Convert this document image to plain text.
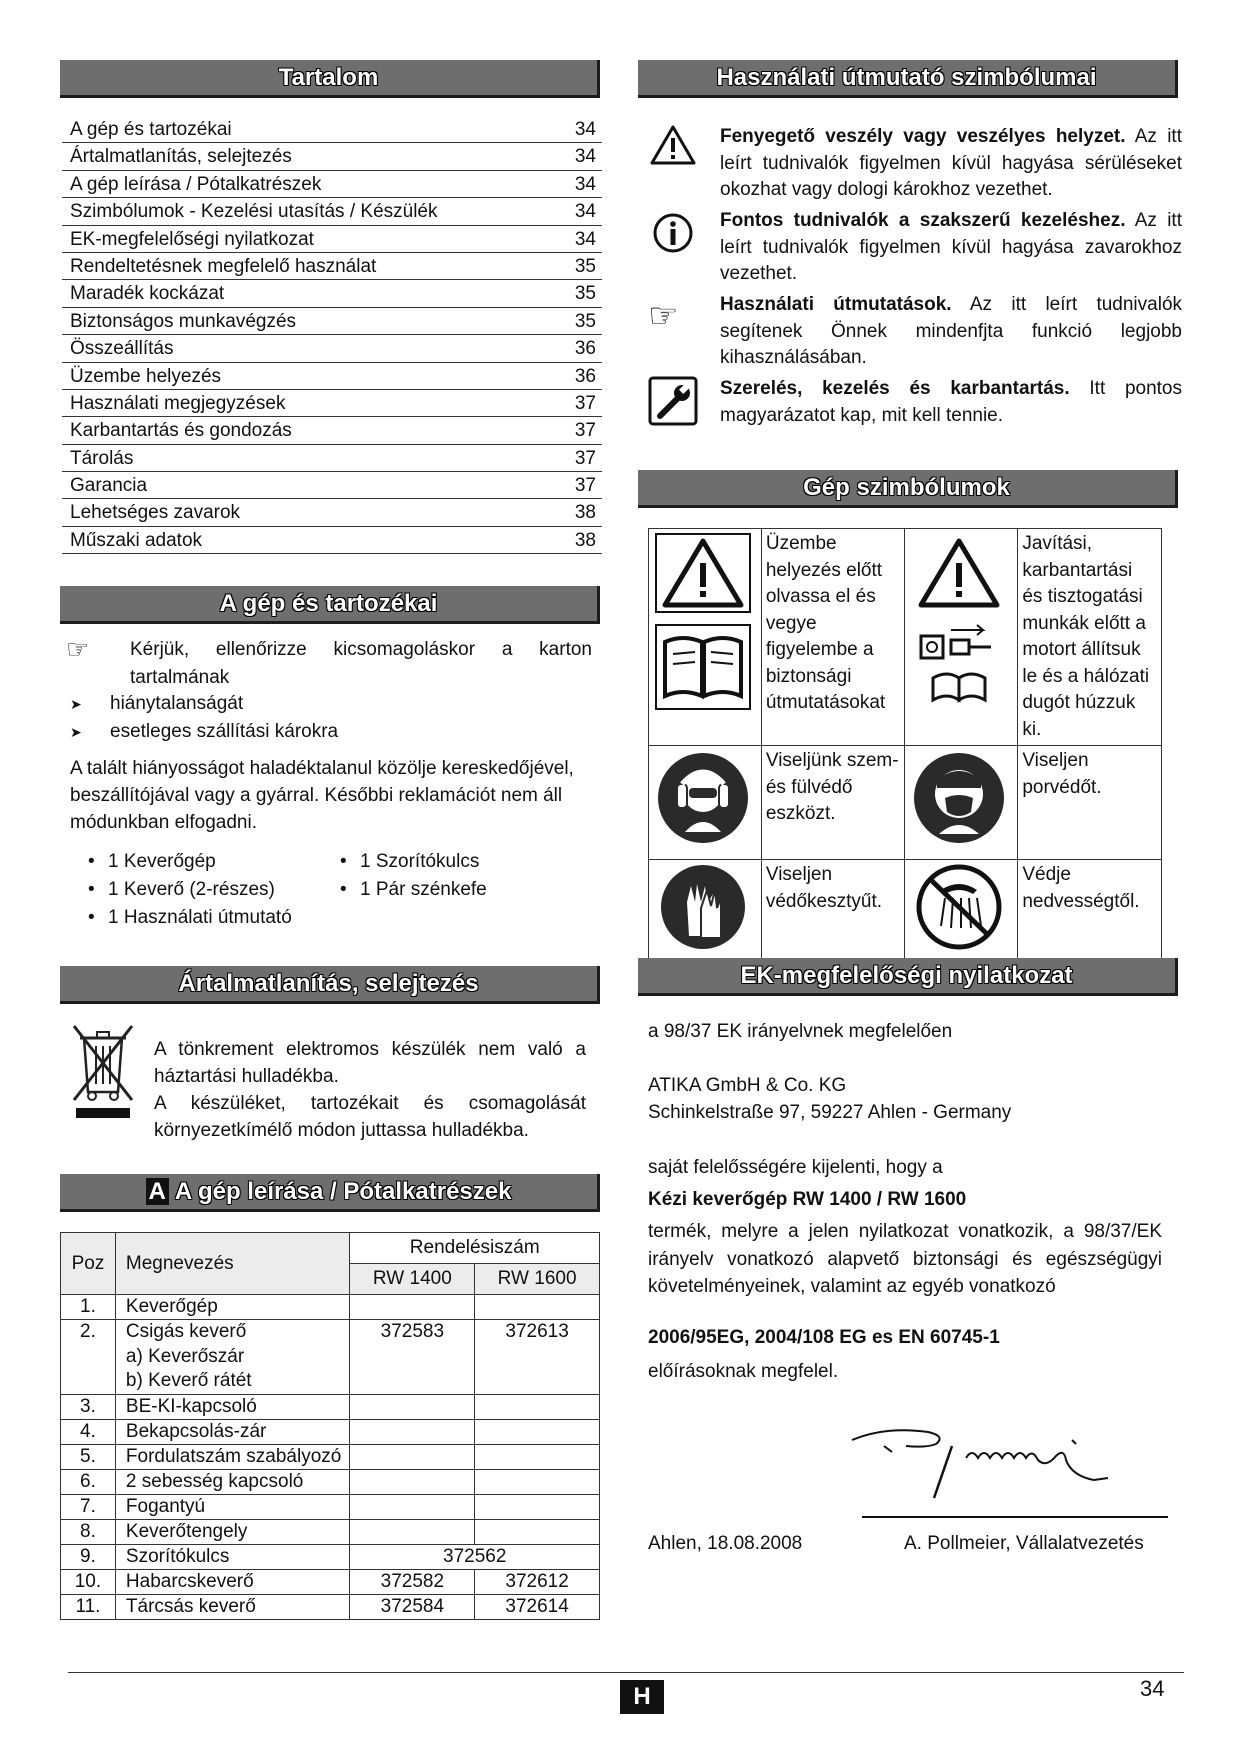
Tartalom
A gép és tartozékai	34
Ártalmatlanítás, selejtezés	34
A gép leírása / Pótalkatrészek	34
Szimbólumok - Kezelési utasítás / Készülék	34
EK-megfelelőségi nyilatkozat	34
Rendeltetésnek megfelelő használat	35
Maradék kockázat	35
Biztonságos munkavégzés	35
Összeállítás	36
Üzembe helyezés	36
Használati megjegyzések	37
Karbantartás és gondozás	37
Tárolás	37
Garancia	37
Lehetséges zavarok	38
Műszaki adatok	38
A gép és tartozékai
☞	Kérjük, ellenőrizze kicsomagoláskor a karton tartalmának
➤ hiánytalanságát
➤ esetleges szállítási károkra
A talált hiányosságot haladéktalanul közölje kereskedőjével, beszállítójával vagy a gyárral. Későbbi reklamációt nem áll módunkban elfogadni.
• 1 Keverőgép
• 1 Keverő (2-részes)
• 1 Használati útmutató
• 1 Szorítókulcs
• 1 Pár szénkefe
Ártalmatlanítás, selejtezés
A tönkrement elektromos készülék nem való a háztartási hulladékba.
A készüléket, tartozékait és csomagolását környezetkímélő módon juttassa hulladékba.
A A gép leírása / Pótalkatrészek
Poz	Megnevezés	Rendelésiszám	
		RW 1400	RW 1600
1.	Keverőgép		
2.	Csigás keverő
a) Keverőszár
b) Keverő rátét	372583	372613
3.	BE-KI-kapcsoló		
4.	Bekapcsolás-zár		
5.	Fordulatszám szabályozó		
6.	2 sebesség kapcsoló		
7.	Fogantyú		
8.	Keverőtengely		
9.	Szorítókulcs	372562	
10.	Habarcskeverő	372582	372612
11.	Tárcsás keverő	372584	372614
Használati útmutató szimbólumai
Fenyegető veszély vagy veszélyes helyzet. Az itt leírt tudnivalók figyelmen kívül hagyása sérüléseket okozhat vagy dologi károkhoz vezethet.
Fontos tudnivalók a szakszerű kezeléshez. Az itt leírt tudnivalók figyelmen kívül hagyása zavarokhoz vezethet.
☞ Használati útmutatások. Az itt leírt tudnivalók segítenek Önnek mindenfjta funkció legjobb kihasználásában.
Szerelés, kezelés és karbantartás. Itt pontos magyarázatot kap, mit kell tennie.
Gép szimbólumok
	Üzembe helyezés előtt olvassa el és vegye figyelembe a biztonsági útmutatásokat		Javítási, karbantartási és tisztogatási munkák előtt a motort állítsuk le és a hálózati dugót húzzuk ki.
	Viseljünk szem- és fülvédő eszközt.		Viseljen porvédőt.
	Viseljen védőkesztyűt.		Védje nedvességtől.
EK-megfelelőségi nyilatkozat
a 98/37 EK irányelvnek megfelelően
ATIKA GmbH & Co. KG
Schinkelstraße 97, 59227 Ahlen - Germany
saját felelősségére kijelenti, hogy a
Kézi keverőgép RW 1400 / RW 1600
termék, melyre a jelen nyilatkozat vonatkozik, a 98/37/EK irányelv vonatkozó alapvető biztonsági és egészségügyi követelményeinek, valamint az egyéb vonatkozó
2006/95EG, 2004/108 EG es EN 60745-1
előírásoknak megfelel.
Ahlen, 18.08.2008	A. Pollmeier, Vállalatvezetés
H	34
